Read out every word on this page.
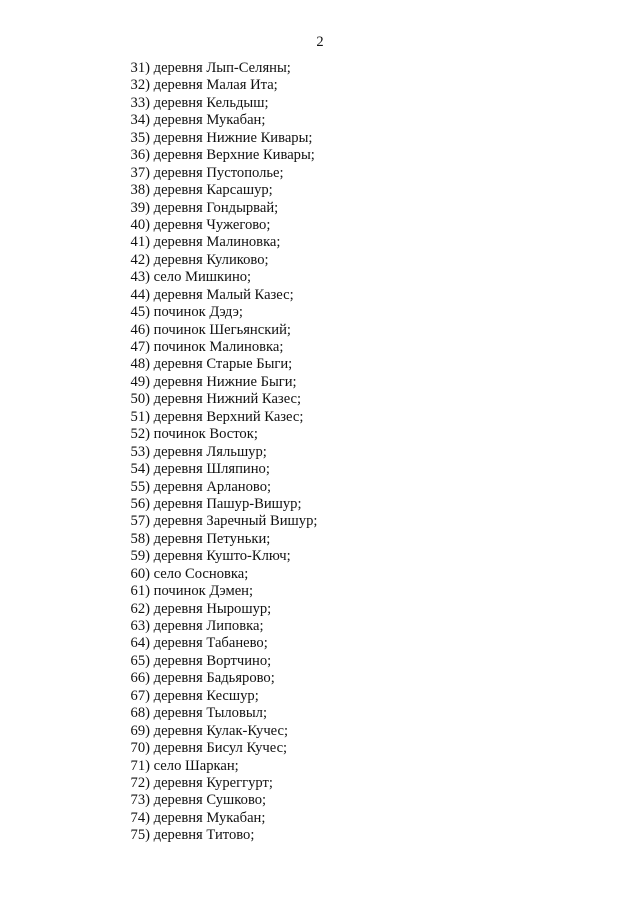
2
31) деревня Лып-Селяны;
32) деревня Малая Ита;
33) деревня Кельдыш;
34) деревня Мукабан;
35) деревня Нижние Кивары;
36) деревня Верхние Кивары;
37) деревня Пустополье;
38) деревня Карсашур;
39) деревня Гондырвай;
40) деревня Чужегово;
41) деревня Малиновка;
42) деревня Куликово;
43) село Мишкино;
44) деревня Малый Казес;
45) починок Дэдэ;
46) починок Шегьянский;
47) починок Малиновка;
48) деревня Старые Быги;
49) деревня Нижние Быги;
50) деревня Нижний Казес;
51) деревня Верхний Казес;
52) починок Восток;
53) деревня Ляльшур;
54) деревня Шляпино;
55) деревня Арланово;
56) деревня Пашур-Вишур;
57) деревня Заречный Вишур;
58) деревня Петуньки;
59) деревня Кушто-Ключ;
60) село Сосновка;
61) починок Дэмен;
62) деревня Нырошур;
63) деревня Липовка;
64) деревня Табанево;
65) деревня Вортчино;
66) деревня Бадьярово;
67) деревня Кесшур;
68) деревня Тыловыл;
69) деревня Кулак-Кучес;
70) деревня Бисул Кучес;
71) село Шаркан;
72) деревня Куреггурт;
73) деревня Сушково;
74) деревня Мукабан;
75) деревня Титово;
